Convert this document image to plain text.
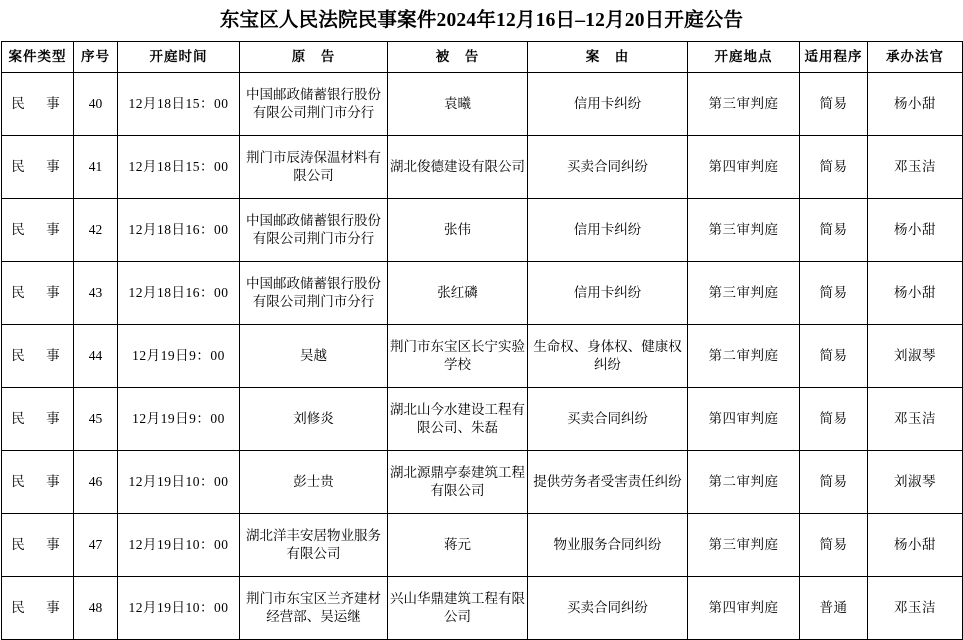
东宝区人民法院民事案件2024年12月16日–12月20日开庭公告
案件类型	序号	开庭时间	原　告	被　告	案　由	开庭地点	适用程序	承办法官
民　事	40	12月18日15：00	中国邮政储蓄银行股份有限公司荆门市分行	袁曦	信用卡纠纷	第三审判庭	简易	杨小甜
民　事	41	12月18日15：00	荆门市辰涛保温材料有限公司	湖北俊德建设有限公司	买卖合同纠纷	第四审判庭	简易	邓玉洁
民　事	42	12月18日16：00	中国邮政储蓄银行股份有限公司荆门市分行	张伟	信用卡纠纷	第三审判庭	简易	杨小甜
民　事	43	12月18日16：00	中国邮政储蓄银行股份有限公司荆门市分行	张红磷	信用卡纠纷	第三审判庭	简易	杨小甜
民　事	44	12月19日9：00	吴越	荆门市东宝区长宁实验学校	生命权、身体权、健康权纠纷	第二审判庭	简易	刘淑琴
民　事	45	12月19日9：00	刘修炎	湖北山今水建设工程有限公司、朱磊	买卖合同纠纷	第四审判庭	简易	邓玉洁
民　事	46	12月19日10：00	彭士贵	湖北源鼎亭泰建筑工程有限公司	提供劳务者受害责任纠纷	第二审判庭	简易	刘淑琴
民　事	47	12月19日10：00	湖北洋丰安居物业服务有限公司	蒋元	物业服务合同纠纷	第三审判庭	简易	杨小甜
民　事	48	12月19日10：00	荆门市东宝区兰齐建材经营部、吴运继	兴山华鼎建筑工程有限公司	买卖合同纠纷	第四审判庭	普通	邓玉洁
